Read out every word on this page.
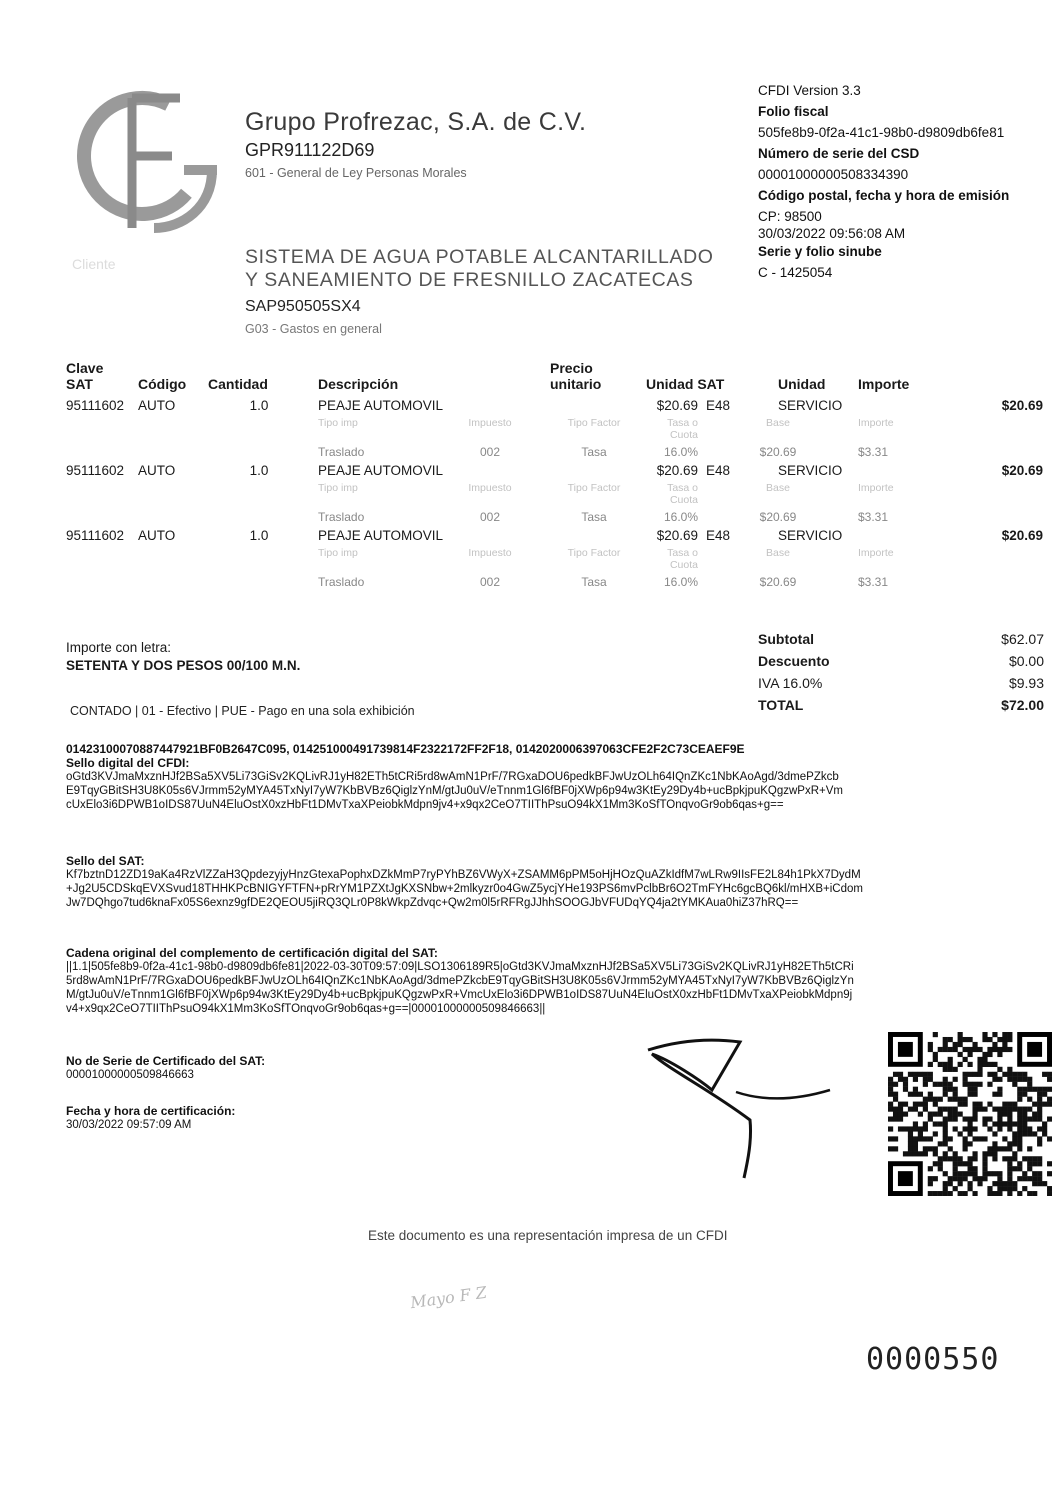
Grupo Profrezac, S.A. de C.V.
GPR911122D69
601 - General de Ley Personas Morales
CFDI Version 3.3
Folio fiscal
505fe8b9-0f2a-41c1-98b0-d9809db6fe81
Número de serie del CSD
00001000000508334390
Código postal, fecha y hora de emisión
CP: 98500
30/03/2022 09:56:08 AM
Serie y folio sinube
C - 1425054
Cliente	SISTEMA DE AGUA POTABLE ALCANTARILLADO
Y SANEAMIENTO DE FRESNILLO ZACATECAS
SAP950505SX4
G03 - Gastos en general
Clave SAT	Código	Cantidad	Descripción		Precio unitario	Unidad SAT		Unidad	Importe	
95111602	AUTO	1.0	PEAJE AUTOMOVIL			$20.69	E48	SERVICIO		$20.69
			Tipo imp	Impuesto	Tipo Factor	Tasa o Cuota	Base		Importe	
			Traslado	002	Tasa	16.0%	$20.69		$3.31	
95111602	AUTO	1.0	PEAJE AUTOMOVIL			$20.69	E48	SERVICIO		$20.69
			Tipo imp	Impuesto	Tipo Factor	Tasa o Cuota	Base		Importe	
			Traslado	002	Tasa	16.0%	$20.69		$3.31	
95111602	AUTO	1.0	PEAJE AUTOMOVIL			$20.69	E48	SERVICIO		$20.69
			Tipo imp	Impuesto	Tipo Factor	Tasa o Cuota	Base		Importe	
			Traslado	002	Tasa	16.0%	$20.69		$3.31	
Importe con letra:
SETENTA Y DOS PESOS 00/100 M.N.
CONTADO | 01 - Efectivo | PUE - Pago en una sola exhibición
Subtotal	$62.07
Descuento	$0.00
IVA 16.0%	$9.93
TOTAL	$72.00
01423100070887447921BF0B2647C095, 014251000491739814F2322172FF2F18, 0142020006397063CFE2F2C73CEAEF9E
Sello digital del CFDI:
oGtd3KVJmaMxznHJf2BSa5XV5Li73GiSv2KQLivRJ1yH82ETh5tCRi5rd8wAmN1PrF/7RGxaDOU6pedkBFJwUzOLh64IQnZKc1NbKAoAgd/3dmePZkcbE9TqyGBitSH3U8K05s6VJrmm52yMYA45TxNyI7yW7KbBVBz6QiglzYnM/gtJu0uV/eTnnm1Gl6fBF0jXWp6p94w3KtEy29Dy4b+ucBpkjpuKQgzwPxR+VmcUxElo3i6DPWB1oIDS87UuN4EluOstX0xzHbFt1DMvTxaXPeiobkMdpn9jv4+x9qx2CeO7TIIThPsuO94kX1Mm3KoSfTOnqvoGr9ob6qas+g==
Sello del SAT:
Kf7bztnD12ZD19aKa4RzVlZZaH3QpdezyjyHnzGtexaPophxDZkMmP7ryPYhBZ6VWyX+ZSAMM6pPM5oHjHOzQuAZkIdfM7wLRw9IIsFE2L84h1PkX7DydM+Jg2U5CDSkqEVXSvud18THHKPcBNIGYFTFN+pRrYM1PZXtJgKXSNbw+2mlkyzr0o4GwZ5ycjYHe193PS6mvPclbBr6O2TmFYHc6gcBQ6kl/mHXB+iCdomJw7DQhgo7tud6knaFx05S6exnz9gfDE2QEOU5jiRQ3QLr0P8kWkpZdvqc+Qw2m0l5rRFRgJJhhSOOGJbVFUDqYQ4ja2tYMKAua0hiZ37hRQ==
Cadena original del complemento de certificación digital del SAT:
||1.1|505fe8b9-0f2a-41c1-98b0-d9809db6fe81|2022-03-30T09:57:09|LSO1306189R5|oGtd3KVJmaMxznHJf2BSa5XV5Li73GiSv2KQLivRJ1yH82ETh5tCRi5rd8wAmN1PrF/7RGxaDOU6pedkBFJwUzOLh64IQnZKc1NbKAoAgd/3dmePZkcbE9TqyGBitSH3U8K05s6VJrmm52yMYA45TxNyI7yW7KbBVBz6QiglzYnM/gtJu0uV/eTnnm1Gl6fBF0jXWp6p94w3KtEy29Dy4b+ucBpkjpuKQgzwPxR+VmcUxElo3i6DPWB1oIDS87UuN4EluOstX0xzHbFt1DMvTxaXPeiobkMdpn9jv4+x9qx2CeO7TIIThPsuO94kX1Mm3KoSfTOnqvoGr9ob6qas+g==|00001000000509846663||
No de Serie de Certificado del SAT:
00001000000509846663
Fecha y hora de certificación:
30/03/2022 09:57:09 AM
Este documento es una representación impresa de un CFDI
Mayo F Z
0000550
